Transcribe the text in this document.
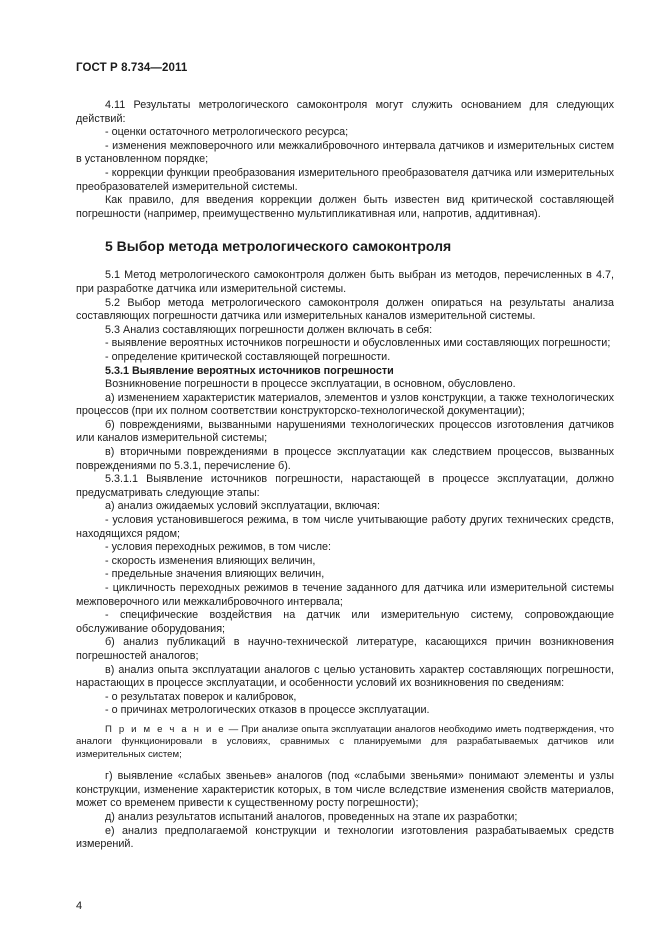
ГОСТ Р 8.734—2011

4.11 Результаты метрологического самоконтроля могут служить основанием для следующих действий:

- оценки остаточного метрологического ресурса;

- изменения межповерочного или межкалибровочного интервала датчиков и измерительных систем в установленном порядке;

- коррекции функции преобразования измерительного преобразователя датчика или измерительных преобразователей измерительной системы.

Как правило, для введения коррекции должен быть известен вид критической составляющей погрешности (например, преимущественно мультипликативная или, напротив, аддитивная).

5 Выбор метода метрологического самоконтроля

5.1 Метод метрологического самоконтроля должен быть выбран из методов, перечисленных в 4.7, при разработке датчика или измерительной системы.

5.2 Выбор метода метрологического самоконтроля должен опираться на результаты анализа составляющих погрешности датчика или измерительных каналов измерительной системы.

5.3 Анализ составляющих погрешности должен включать в себя:

- выявление вероятных источников погрешности и обусловленных ими составляющих погрешности;

- определение критической составляющей погрешности.

5.3.1 Выявление вероятных источников погрешности

Возникновение погрешности в процессе эксплуатации, в основном, обусловлено.

а) изменением характеристик материалов, элементов и узлов конструкции, а также технологических процессов (при их полном соответствии конструкторско-технологической документации);

б) повреждениями, вызванными нарушениями технологических процессов изготовления датчиков или каналов измерительной системы;

в) вторичными повреждениями в процессе эксплуатации как следствием процессов, вызванных повреждениями по 5.3.1, перечисление б).

5.3.1.1 Выявление источников погрешности, нарастающей в процессе эксплуатации, должно предусматривать следующие этапы:

а) анализ ожидаемых условий эксплуатации, включая:

- условия установившегося режима, в том числе учитывающие работу других технических средств, находящихся рядом;

- условия переходных режимов, в том числе:

- скорость изменения влияющих величин,

- предельные значения влияющих величин,

- цикличность переходных режимов в течение заданного для датчика или измерительной системы межповерочного или межкалибровочного интервала;

- специфические воздействия на датчик или измерительную систему, сопровождающие обслуживание оборудования;

б) анализ публикаций в научно-технической литературе, касающихся причин возникновения погрешностей аналогов;

в) анализ опыта эксплуатации аналогов с целью установить характер составляющих погрешности, нарастающих в процессе эксплуатации, и особенности условий их возникновения по сведениям:

- о результатах поверок и калибровок,

- о причинах метрологических отказов в процессе эксплуатации.

П р и м е ч а н и е — При анализе опыта эксплуатации аналогов необходимо иметь подтверждения, что аналоги функционировали в условиях, сравнимых с планируемыми для разрабатываемых датчиков или измерительных систем;

г) выявление «слабых звеньев» аналогов (под «слабыми звеньями» понимают элементы и узлы конструкции, изменение характеристик которых, в том числе вследствие изменения свойств материалов, может со временем привести к существенному росту погрешности);

д) анализ результатов испытаний аналогов, проведенных на этапе их разработки;

е) анализ предполагаемой конструкции и технологии изготовления разрабатываемых средств измерений.

4
